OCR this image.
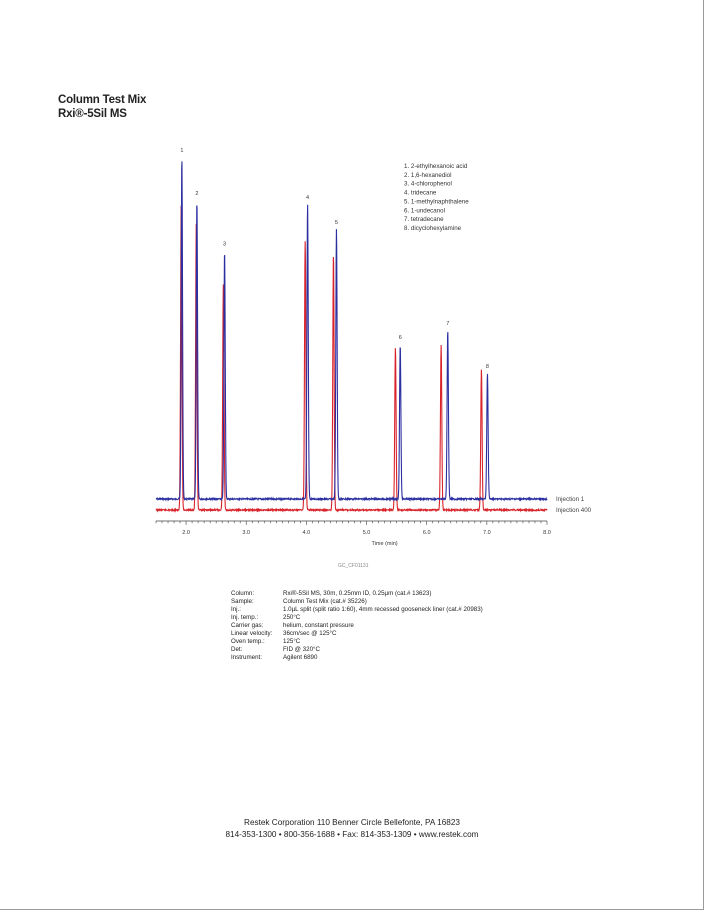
Column Test Mix
Rxi®-5Sil MS
1
2
3
4
5
6
7
8
2.0	3.0	4.0	5.0	6.0	7.0	8.0
Time (min)
1. 2-ethylhexanoic acid
2. 1,6-hexanediol
3. 4-chlorophenol
4. tridecane
5. 1-methylnaphthalene
6. 1-undecanol
7. tetradecane
8. dicyclohexylamine
Injection 1
Injection 400
GC_CF01131
Column:	Rxi®-5Sil MS, 30m, 0.25mm ID, 0.25µm (cat.# 13623)
Sample:	Column Test Mix (cat.# 35226)
Inj.:	1.0µL split (split ratio 1:60), 4mm recessed gooseneck liner (cat.# 20983)
Inj. temp.:	250°C
Carrier gas:	helium, constant pressure
Linear velocity:	36cm/sec @ 125°C
Oven temp.:	125°C
Det:	FID @ 320°C
Instrument:	Agilent 6890
Restek Corporation 110 Benner Circle Bellefonte, PA 16823
814-353-1300 • 800-356-1688 • Fax: 814-353-1309 • www.restek.com
